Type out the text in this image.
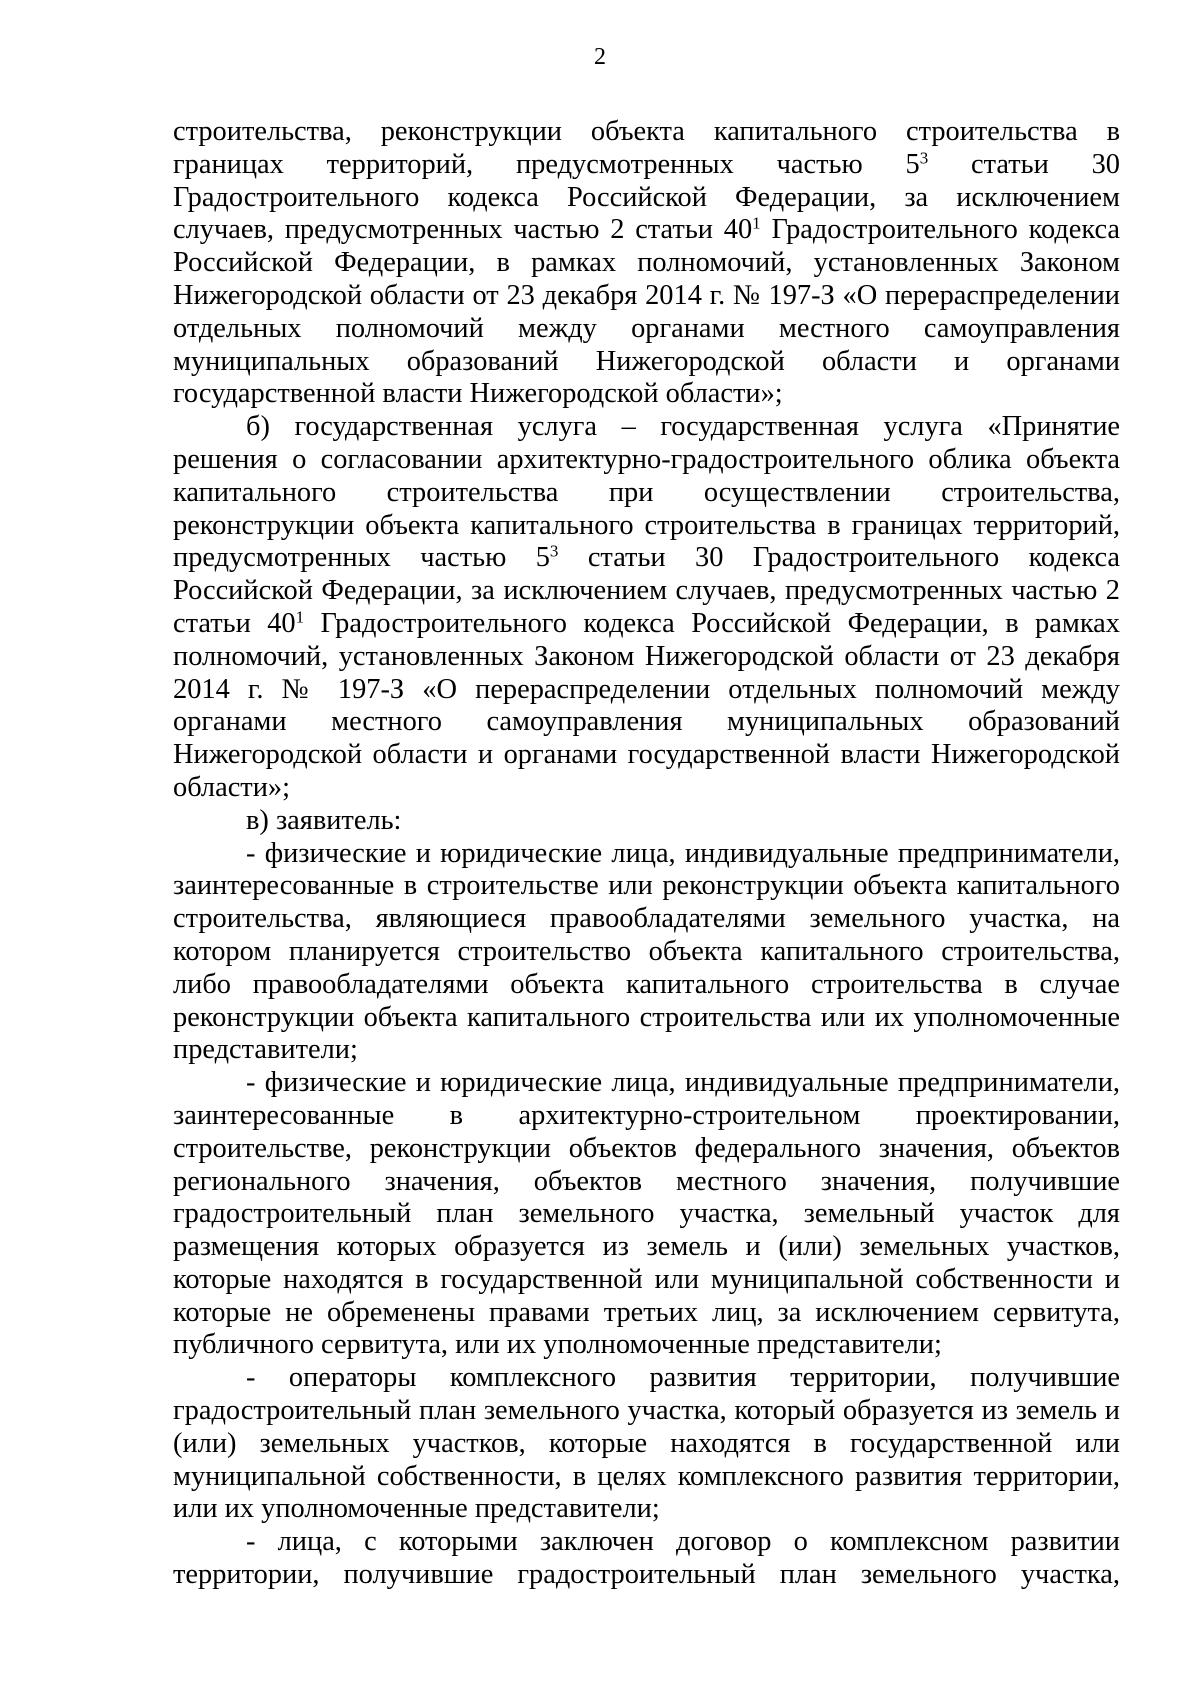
2

строительства, реконструкции объекта капитального строительства в границах территорий, предусмотренных частью $5^3$ статьи 30 Градостроительного кодекса Российской Федерации, за исключением случаев, предусмотренных частью 2 статьи $40^1$ Градостроительного кодекса Российской Федерации, в рамках полномочий, установленных Законом Нижегородской области от 23 декабря 2014 г. № 197-З «О перераспределении отдельных полномочий между органами местного самоуправления муниципальных образований Нижегородской области и органами государственной власти Нижегородской области»;

б) государственная услуга – государственная услуга «Принятие решения о согласовании архитектурно-градостроительного облика объекта капитального строительства при осуществлении строительства, реконструкции объекта капитального строительства в границах территорий, предусмотренных частью $5^3$ статьи 30 Градостроительного кодекса Российской Федерации, за исключением случаев, предусмотренных частью 2 статьи $40^1$ Градостроительного кодекса Российской Федерации, в рамках полномочий, установленных Законом Нижегородской области от 23 декабря 2014 г. № 197-З «О перераспределении отдельных полномочий между органами местного самоуправления муниципальных образований Нижегородской области и органами государственной власти Нижегородской области»;

в) заявитель:

- физические и юридические лица, индивидуальные предприниматели, заинтересованные в строительстве или реконструкции объекта капитального строительства, являющиеся правообладателями земельного участка, на котором планируется строительство объекта капитального строительства, либо правообладателями объекта капитального строительства в случае реконструкции объекта капитального строительства или их уполномоченные представители;

- физические и юридические лица, индивидуальные предприниматели, заинтересованные в архитектурно-строительном проектировании, строительстве, реконструкции объектов федерального значения, объектов регионального значения, объектов местного значения, получившие градостроительный план земельного участка, земельный участок для размещения которых образуется из земель и (или) земельных участков, которые находятся в государственной или муниципальной собственности и которые не обременены правами третьих лиц, за исключением сервитута, публичного сервитута, или их уполномоченные представители;

- операторы комплексного развития территории, получившие градостроительный план земельного участка, который образуется из земель и (или) земельных участков, которые находятся в государственной или муниципальной собственности, в целях комплексного развития территории, или их уполномоченные представители;

- лица, с которыми заключен договор о комплексном развитии территории, получившие градостроительный план земельного участка,
